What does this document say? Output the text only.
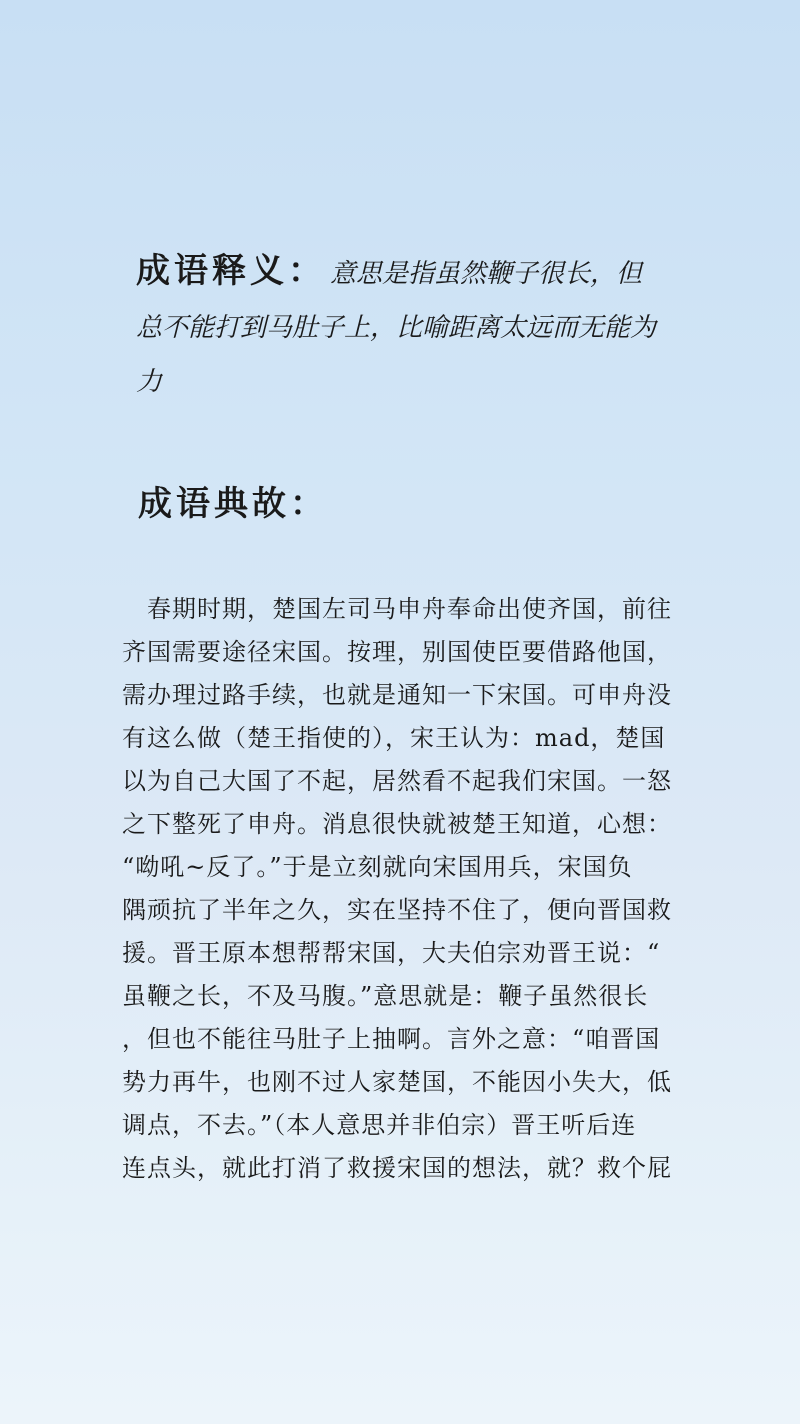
成语释义： 意思是指虽然鞭子很长，但总不能打到马肚子上，比喻距离太远而无能为力
成语典故：
　春期时期，楚国左司马申舟奉命出使齐国，前往
齐国需要途径宋国。按理，别国使臣要借路他国，
需办理过路手续，也就是通知一下宋国。可申舟没
有这么做（楚王指使的），宋王认为：mad，楚国
以为自己大国了不起，居然看不起我们宋国。一怒
之下整死了申舟。消息很快就被楚王知道，心想：
“呦吼~反了。”于是立刻就向宋国用兵，宋国负
隅顽抗了半年之久，实在坚持不住了，便向晋国救
援。晋王原本想帮帮宋国，大夫伯宗劝晋王说：“
虽鞭之长，不及马腹。”意思就是：鞭子虽然很长
，但也不能往马肚子上抽啊。言外之意：“咱晋国
势力再牛，也刚不过人家楚国，不能因小失大，低
调点，不去。”（本人意思并非伯宗）晋王听后连
连点头，就此打消了救援宋国的想法，就？救个屁
